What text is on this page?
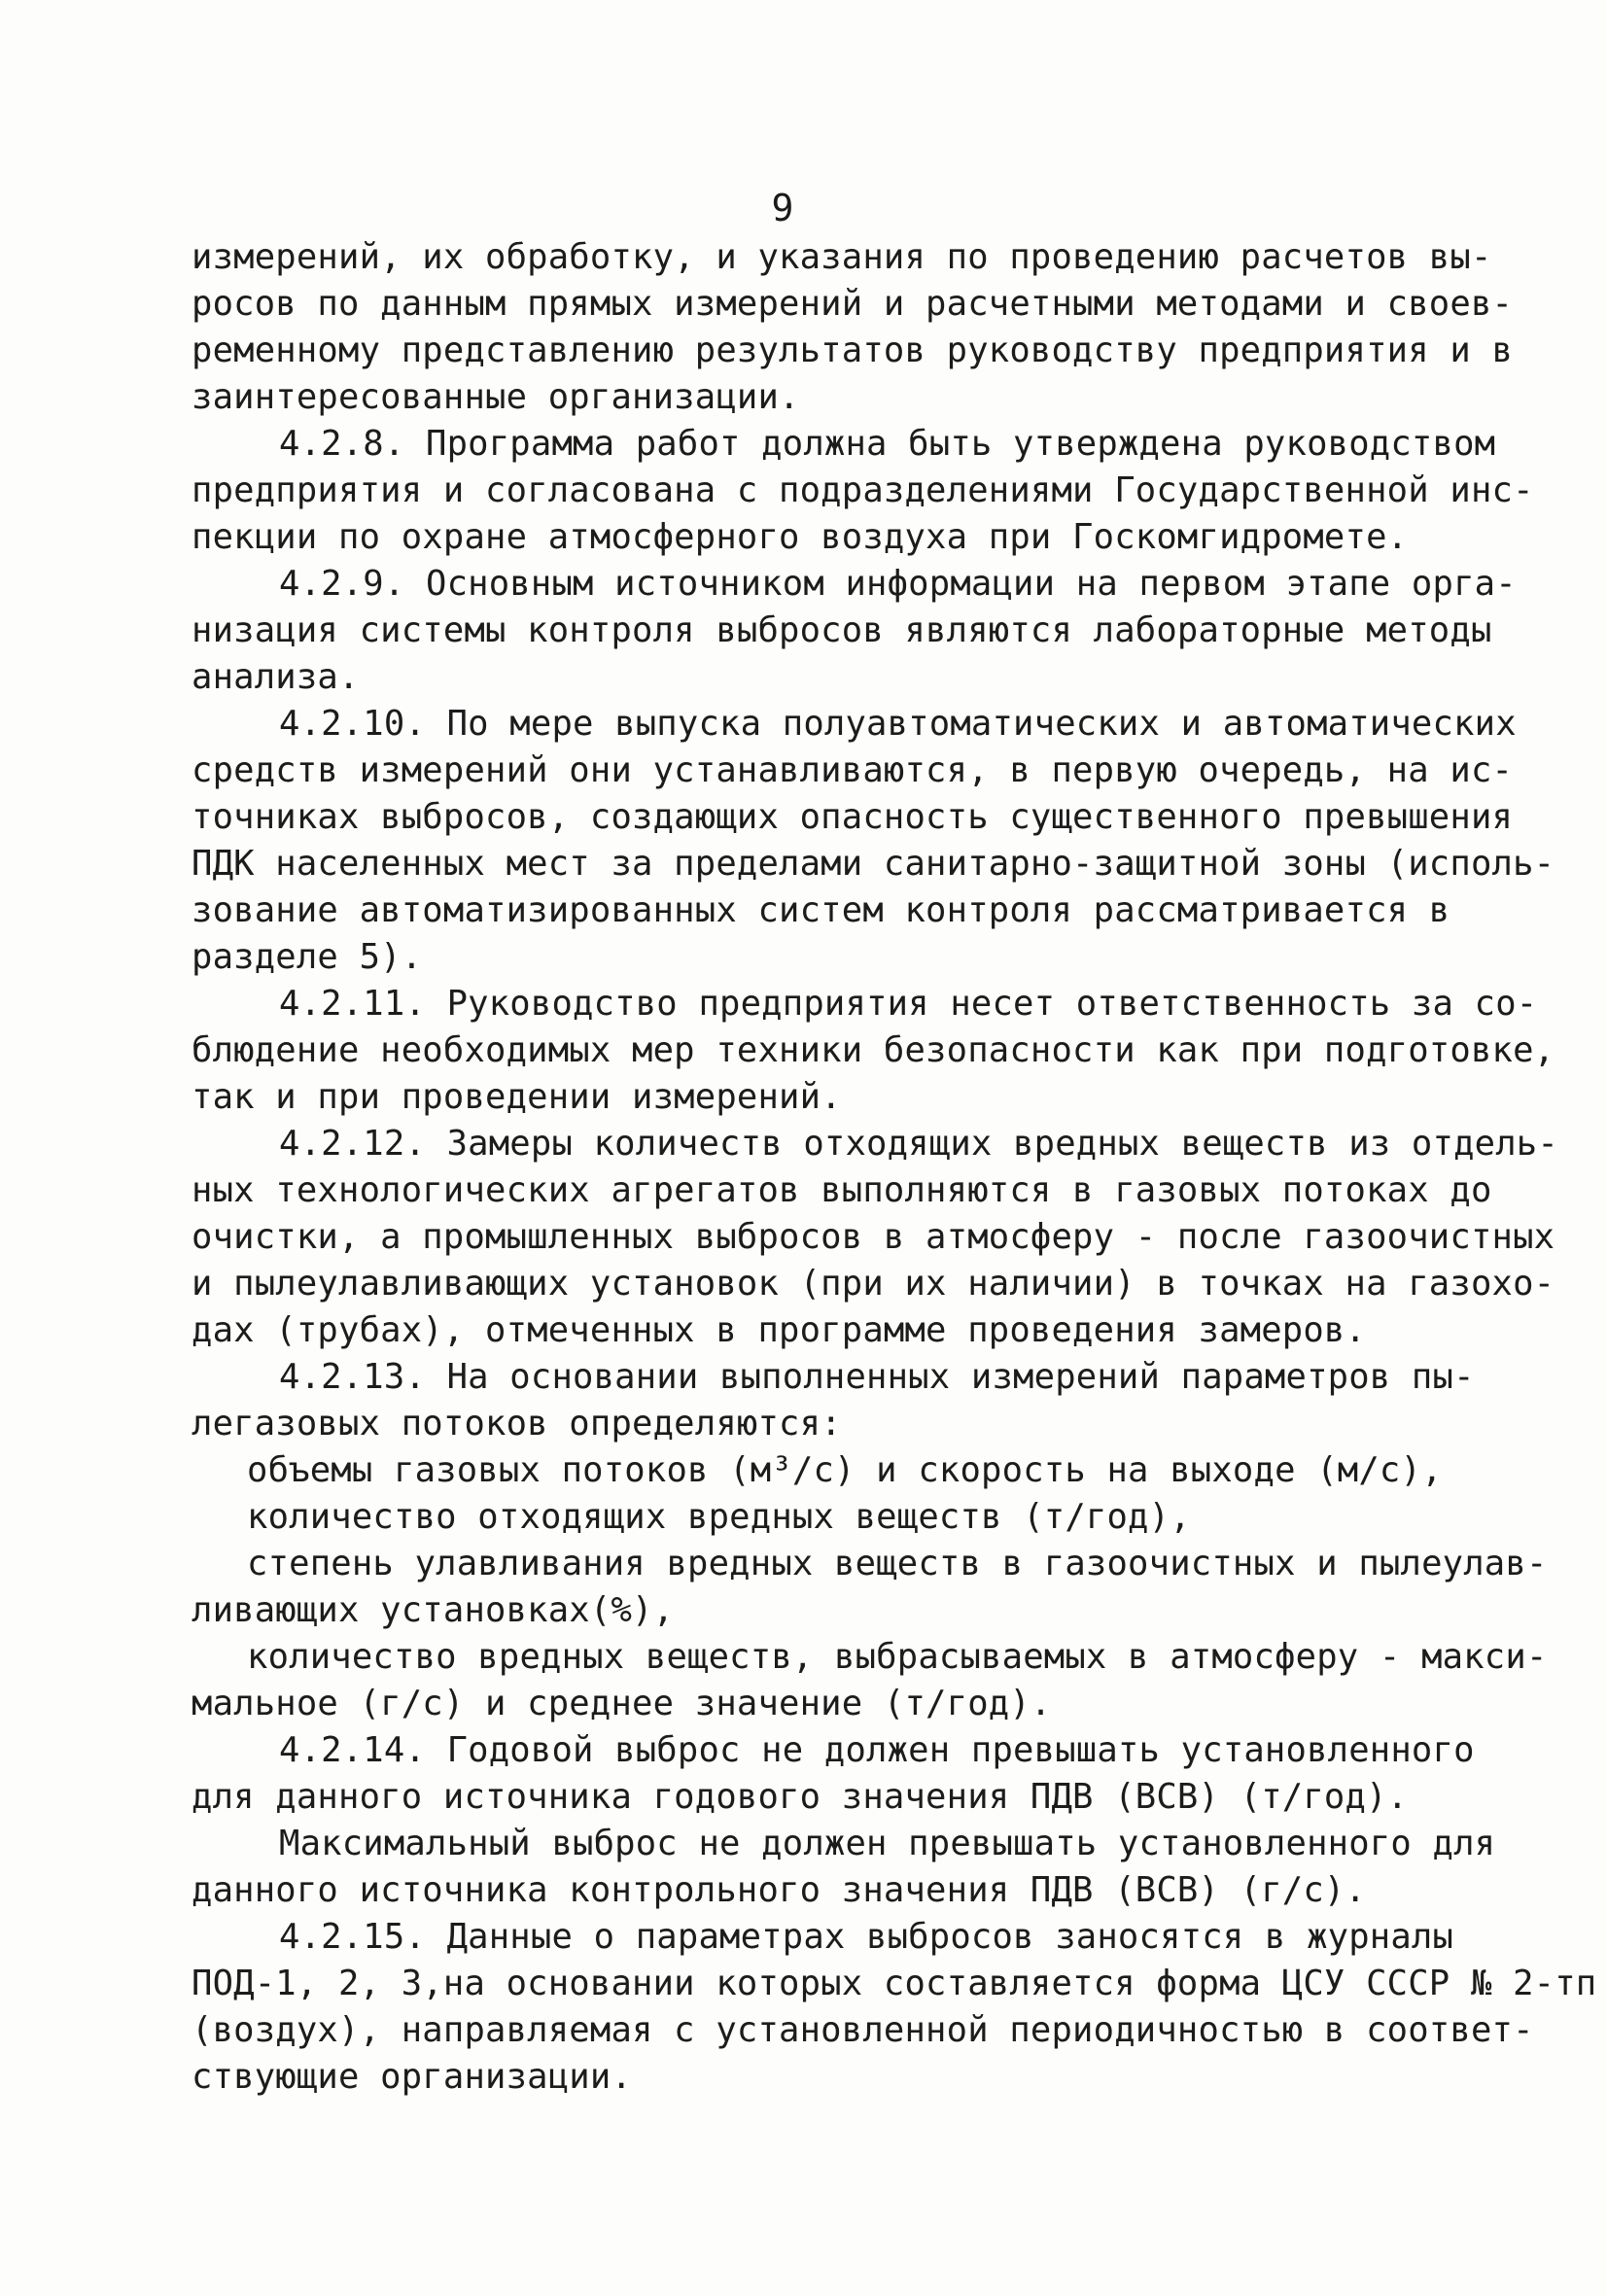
9
измерений, их обработку, и указания по проведению расчетов вы-
росов по данным прямых измерений и расчетными методами и своев-
ременному представлению результатов руководству предприятия и в
заинтересованные организации.
4.2.8. Программа работ должна быть утверждена руководством
предприятия и согласована с подразделениями Государственной инс-
пекции по охране атмосферного воздуха при Госкомгидромете.
4.2.9. Основным источником информации на первом этапе орга-
низация системы контроля выбросов являются лабораторные методы
анализа.
4.2.10. По мере выпуска полуавтоматических и автоматических
средств измерений они устанавливаются, в первую очередь, на ис-
точниках выбросов, создающих опасность существенного превышения
ПДК населенных мест за пределами санитарно-защитной зоны (исполь-
зование автоматизированных систем контроля рассматривается в
разделе 5).
4.2.11. Руководство предприятия несет ответственность за со-
блюдение необходимых мер техники безопасности как при подготовке,
так и при проведении измерений.
4.2.12. Замеры количеств отходящих вредных веществ из отдель-
ных технологических агрегатов выполняются в газовых потоках до
очистки, а промышленных выбросов в атмосферу - после газоочистных
и пылеулавливающих установок (при их наличии) в точках на газохо-
дах (трубах), отмеченных в программе проведения замеров.
4.2.13. На основании выполненных измерений параметров пы-
легазовых потоков определяются:
объемы газовых потоков (м³/с) и скорость на выходе (м/с),
количество отходящих вредных веществ (т/год),
степень улавливания вредных веществ в газоочистных и пылеулав-
ливающих установках(%),
количество вредных веществ, выбрасываемых в атмосферу - макси-
мальное (г/с) и среднее значение (т/год).
4.2.14. Годовой выброс не должен превышать установленного
для данного источника годового значения ПДВ (ВСВ) (т/год).
Максимальный выброс не должен превышать установленного для
данного источника контрольного значения ПДВ (ВСВ) (г/с).
4.2.15. Данные о параметрах выбросов заносятся в журналы
ПОД-1, 2, 3,на основании которых составляется форма ЦСУ СССР № 2-тп
(воздух), направляемая с установленной периодичностью в соответ-
ствующие организации.
